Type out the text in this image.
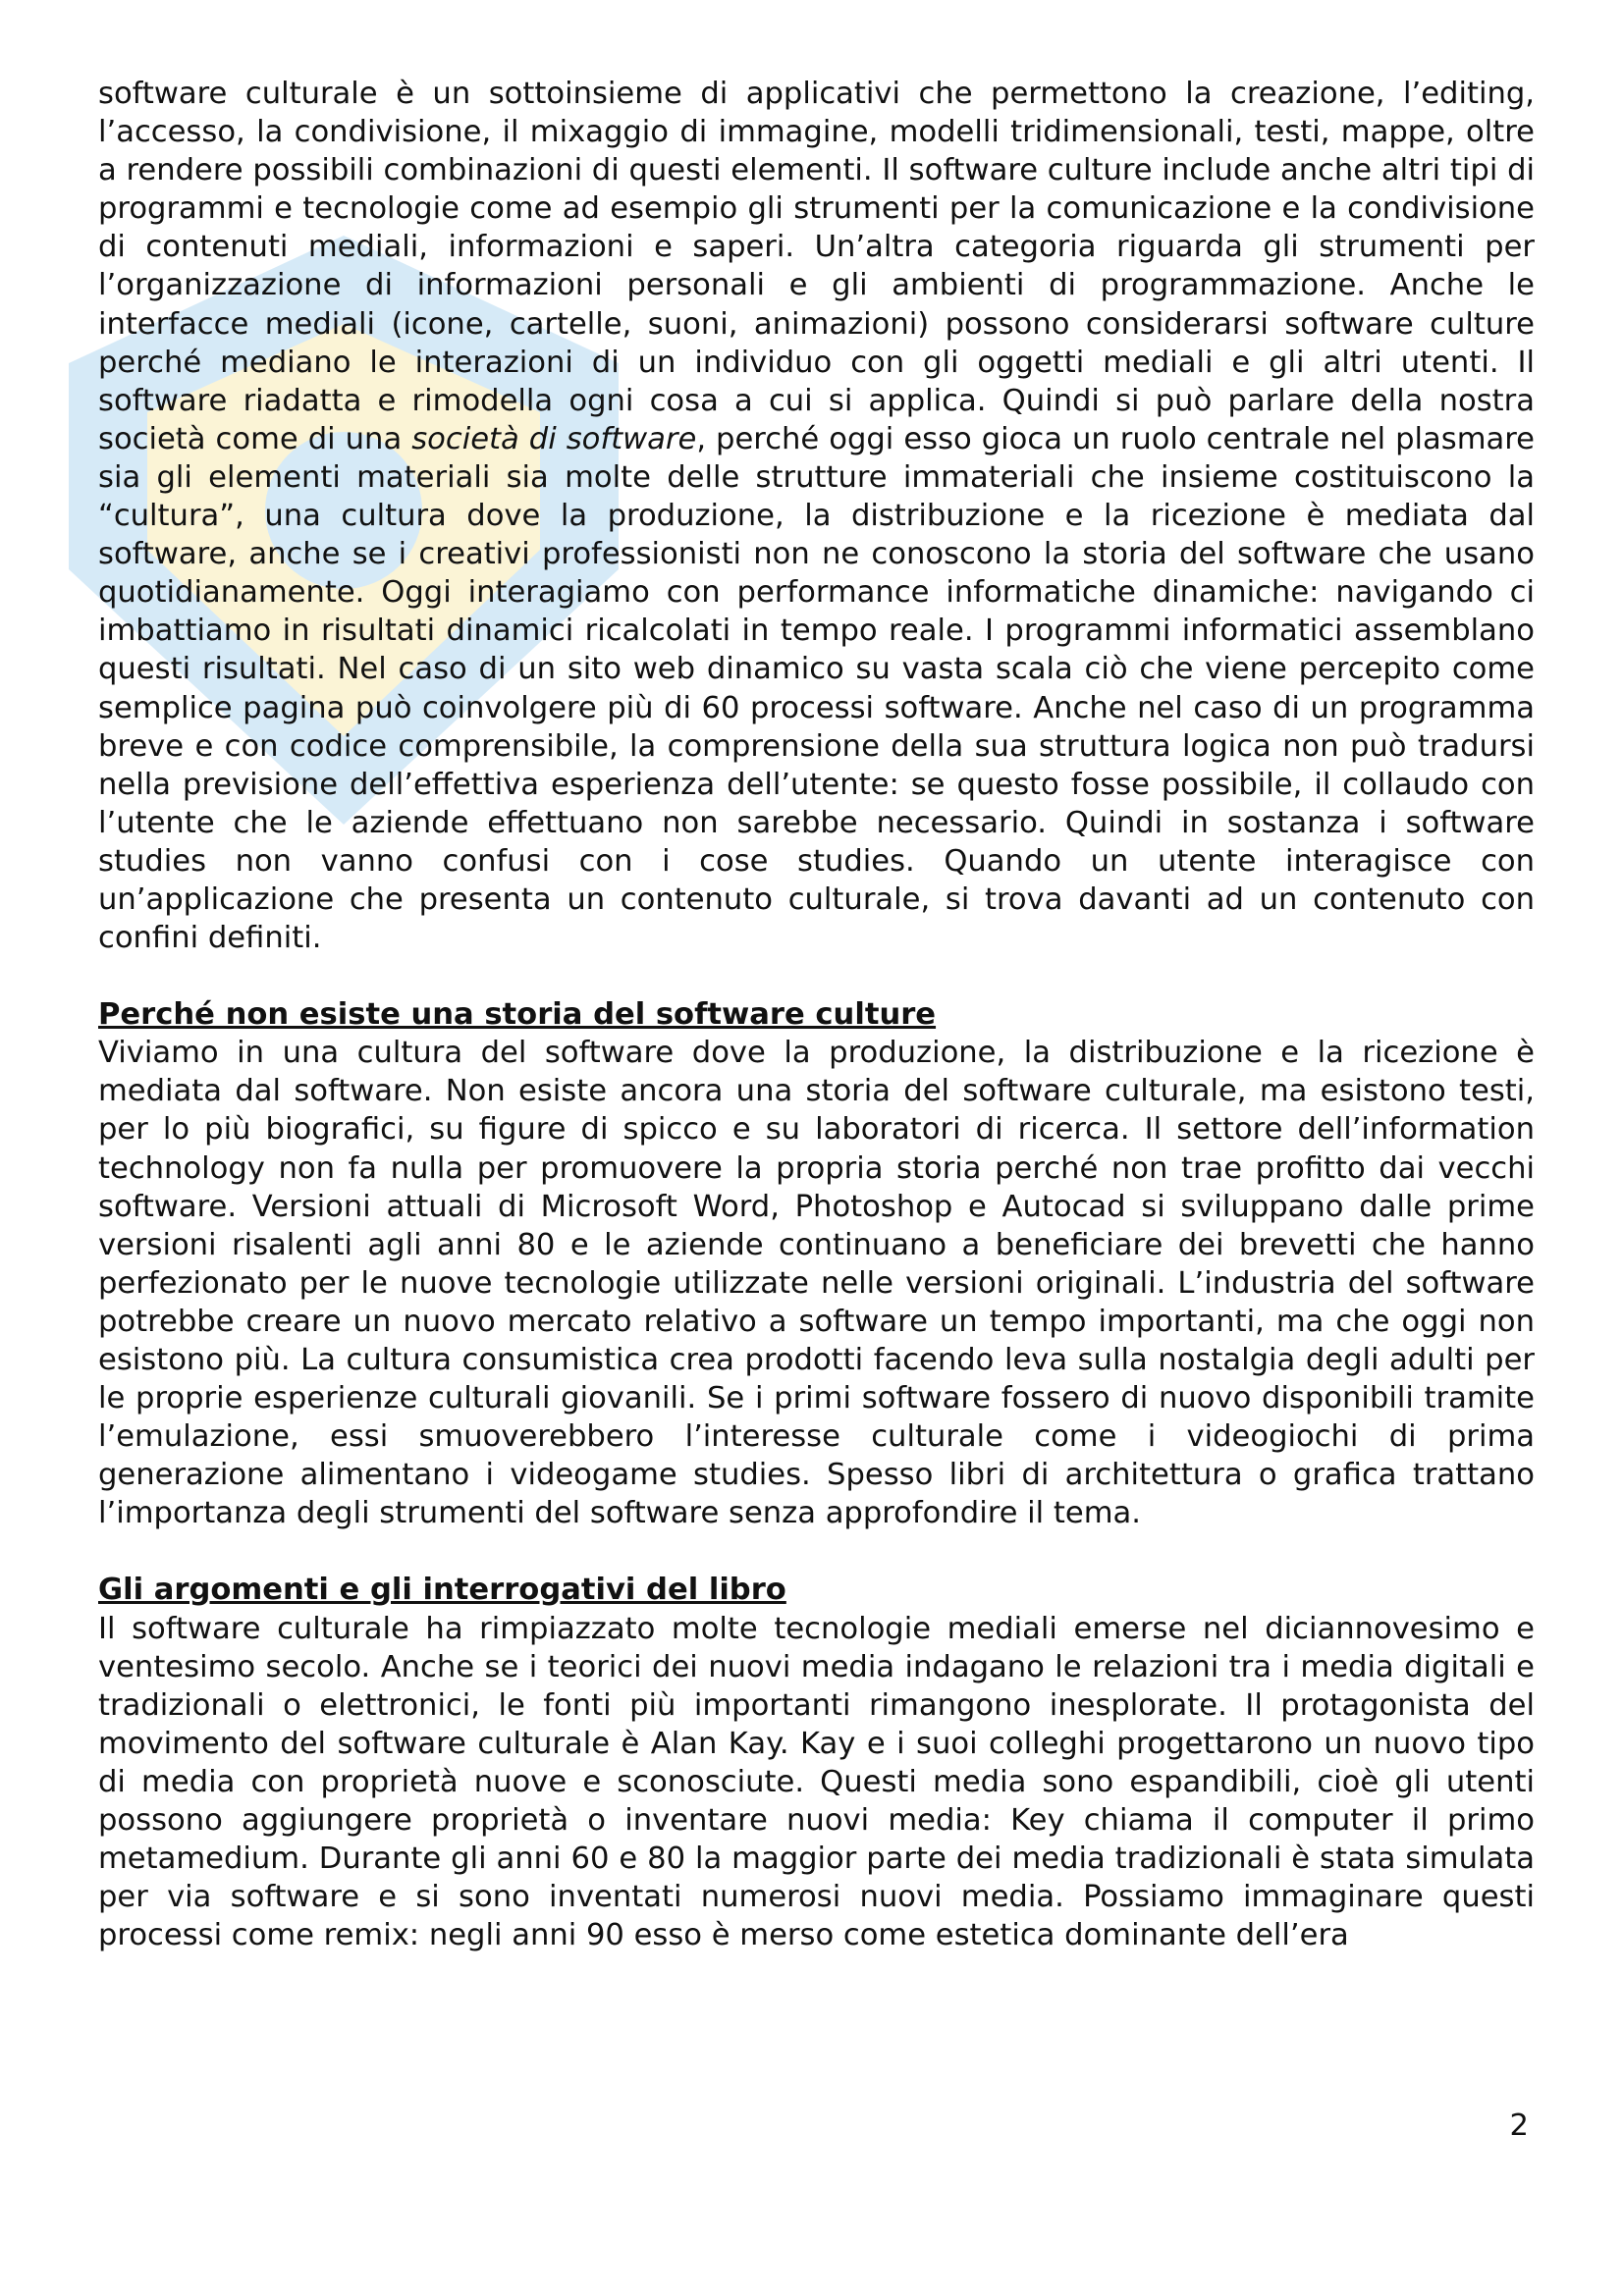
software culturale è un sottoinsieme di applicativi che permettono la creazione, l’editing, l’accesso, la condivisione, il mixaggio di immagine, modelli tridimensionali, testi, mappe, oltre a rendere possibili combinazioni di questi elementi. Il software culture include anche altri tipi di programmi e tecnologie come ad esempio gli strumenti per la comunicazione e la condivisione di contenuti mediali, informazioni e saperi. Un’altra categoria riguarda gli strumenti per l’organizzazione di informazioni personali e gli ambienti di programmazione. Anche le interfacce mediali (icone, cartelle, suoni, animazioni) possono considerarsi software culture perché mediano le interazioni di un individuo con gli oggetti mediali e gli altri utenti. Il software riadatta e rimodella ogni cosa a cui si applica. Quindi si può parlare della nostra società come di una società di software, perché oggi esso gioca un ruolo centrale nel plasmare sia gli elementi materiali sia molte delle strutture immateriali che insieme costituiscono la “cultura”, una cultura dove la produzione, la distribuzione e la ricezione è mediata dal software, anche se i creativi professionisti non ne conoscono la storia del software che usano quotidianamente. Oggi interagiamo con performance informatiche dinamiche: navigando ci imbattiamo in risultati dinamici ricalcolati in tempo reale. I programmi informatici assemblano questi risultati. Nel caso di un sito web dinamico su vasta scala ciò che viene percepito come semplice pagina può coinvolgere più di 60 processi software. Anche nel caso di un programma breve e con codice comprensibile, la comprensione della sua struttura logica non può tradursi nella previsione dell’effettiva esperienza dell’utente: se questo fosse possibile, il collaudo con l’utente che le aziende effettuano non sarebbe necessario. Quindi in sostanza i software studies non vanno confusi con i cose studies. Quando un utente interagisce con un’applicazione che presenta un contenuto culturale, si trova davanti ad un contenuto con confini definiti.

Perché non esiste una storia del software culture

Viviamo in una cultura del software dove la produzione, la distribuzione e la ricezione è mediata dal software. Non esiste ancora una storia del software culturale, ma esistono testi, per lo più biografici, su figure di spicco e su laboratori di ricerca. Il settore dell’information technology non fa nulla per promuovere la propria storia perché non trae profitto dai vecchi software. Versioni attuali di Microsoft Word, Photoshop e Autocad si sviluppano dalle prime versioni risalenti agli anni 80 e le aziende continuano a beneficiare dei brevetti che hanno perfezionato per le nuove tecnologie utilizzate nelle versioni originali. L’industria del software potrebbe creare un nuovo mercato relativo a software un tempo importanti, ma che oggi non esistono più. La cultura consumistica crea prodotti facendo leva sulla nostalgia degli adulti per le proprie esperienze culturali giovanili. Se i primi software fossero di nuovo disponibili tramite l’emulazione, essi smuoverebbero l’interesse culturale come i videogiochi di prima generazione alimentano i videogame studies. Spesso libri di architettura o grafica trattano l’importanza degli strumenti del software senza approfondire il tema.

Gli argomenti e gli interrogativi del libro

Il software culturale ha rimpiazzato molte tecnologie mediali emerse nel diciannovesimo e ventesimo secolo. Anche se i teorici dei nuovi media indagano le relazioni tra i media digitali e tradizionali o elettronici, le fonti più importanti rimangono inesplorate. Il protagonista del movimento del software culturale è Alan Kay. Kay e i suoi colleghi progettarono un nuovo tipo di media con proprietà nuove e sconosciute. Questi media sono espandibili, cioè gli utenti possono aggiungere proprietà o inventare nuovi media: Key chiama il computer il primo metamedium. Durante gli anni 60 e 80 la maggior parte dei media tradizionali è stata simulata per via software e si sono inventati numerosi nuovi media. Possiamo immaginare questi processi come remix: negli anni 90 esso è merso come estetica dominante dell’era

2
